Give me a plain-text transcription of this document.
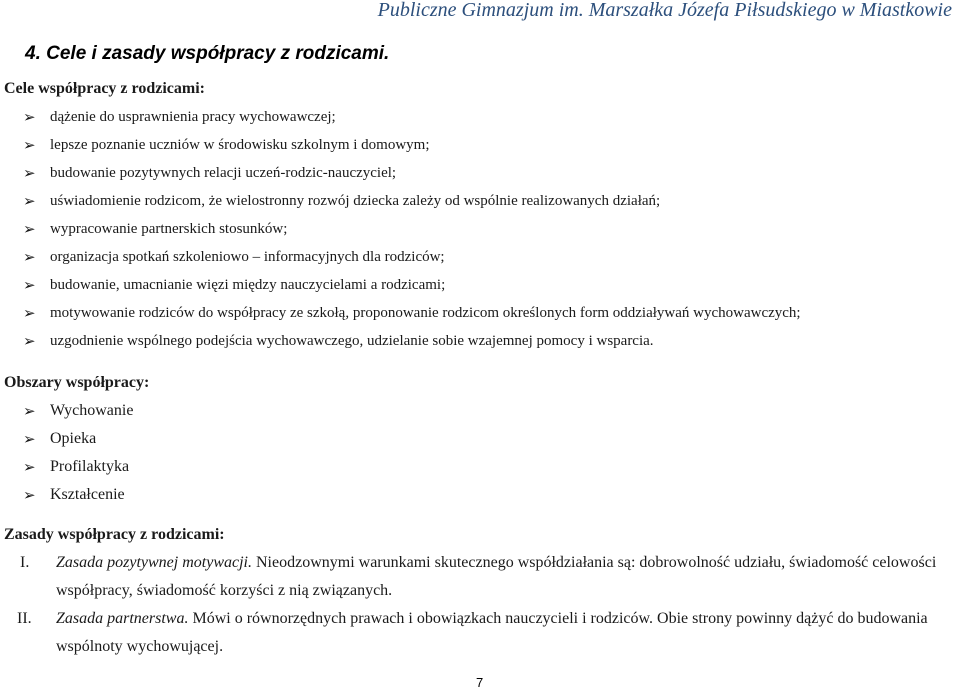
Publiczne Gimnazjum im. Marszałka Józefa Piłsudskiego w Miastkowie
4. Cele i zasady współpracy z rodzicami.
Cele współpracy z rodzicami:
➢ dążenie do usprawnienia pracy wychowawczej;
➢ lepsze poznanie uczniów w środowisku szkolnym i domowym;
➢ budowanie pozytywnych relacji uczeń-rodzic-nauczyciel;
➢ uświadomienie rodzicom, że wielostronny rozwój dziecka zależy od wspólnie realizowanych działań;
➢ wypracowanie partnerskich stosunków;
➢ organizacja spotkań szkoleniowo – informacyjnych dla rodziców;
➢ budowanie, umacnianie więzi między nauczycielami a rodzicami;
➢ motywowanie rodziców do współpracy ze szkołą, proponowanie rodzicom określonych form oddziaływań wychowawczych;
➢ uzgodnienie wspólnego podejścia wychowawczego, udzielanie sobie wzajemnej pomocy i wsparcia.
Obszary współpracy:
➢ Wychowanie
➢ Opieka
➢ Profilaktyka
➢ Kształcenie
Zasady współpracy z rodzicami:
I. Zasada pozytywnej motywacji. Nieodzownymi warunkami skutecznego współdziałania są: dobrowolność udziału, świadomość celowości
współpracy, świadomość korzyści z nią związanych.
II. Zasada partnerstwa. Mówi o równorzędnych prawach i obowiązkach nauczycieli i rodziców. Obie strony powinny dążyć do budowania
wspólnoty wychowującej.
7
